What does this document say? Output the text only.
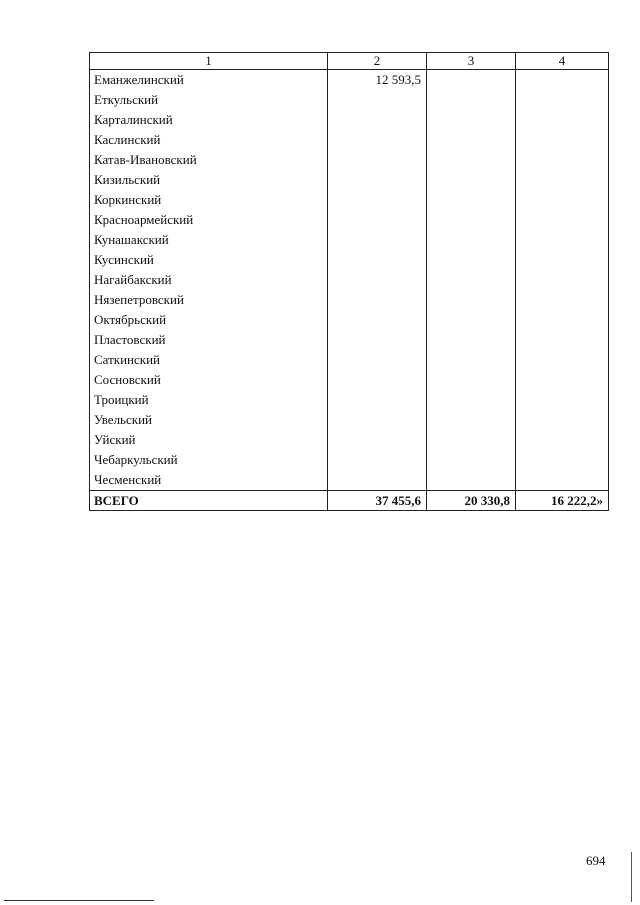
1	2	3	4
Еманжелинский	12 593,5		
Еткульский			
Карталинский			
Каслинский			
Катав-Ивановский			
Кизильский			
Коркинский			
Красноармейский			
Кунашакский			
Кусинский			
Нагайбакский			
Нязепетровский			
Октябрьский			
Пластовский			
Саткинский			
Сосновский			
Троицкий			
Увельский			
Уйский			
Чебаркульский			
Чесменский			
ВСЕГО	37 455,6	20 330,8	16 222,2»
694
